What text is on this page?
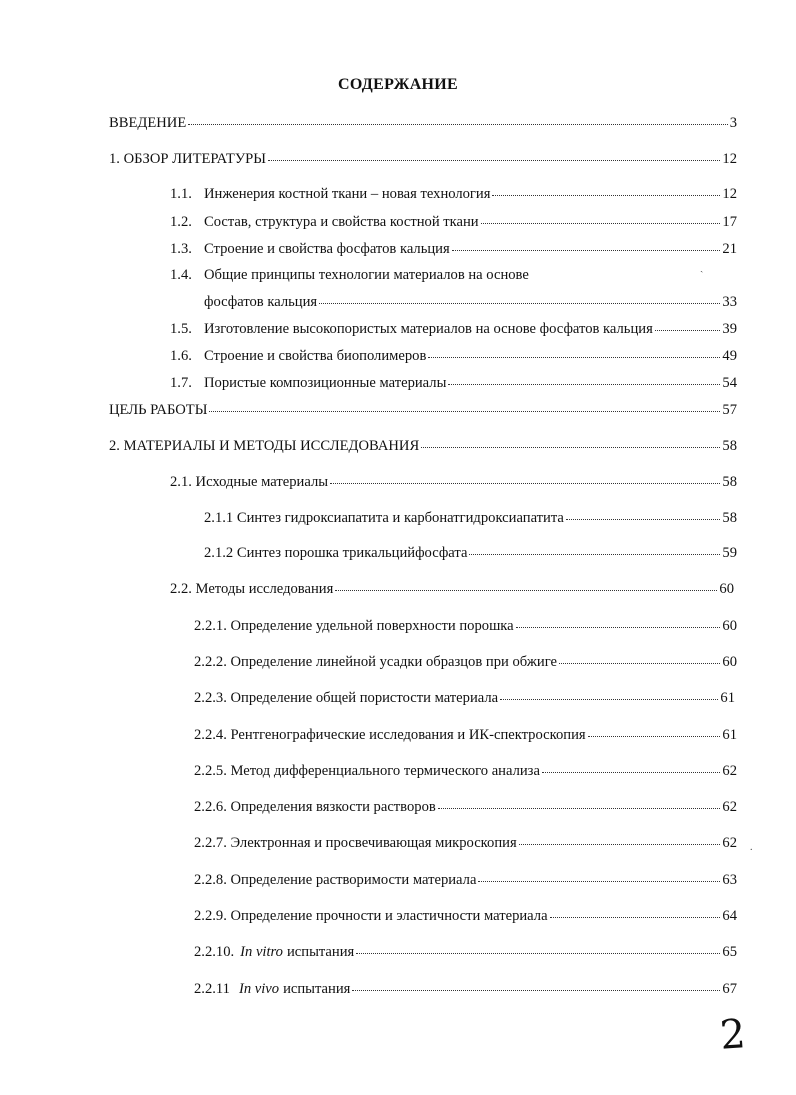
СОДЕРЖАНИЕ
ВВЕДЕНИЕ	3
1. ОБЗОР ЛИТЕРАТУРЫ	12
1.1. Инженерия костной ткани – новая технология	12
1.2. Состав, структура и свойства костной ткани	17
1.3. Строение и свойства фосфатов кальция	21
1.4. Общие принципы технологии материалов на основе
фосфатов кальция	33
1.5. Изготовление высокопористых материалов на основе фосфатов кальция	39
1.6. Строение и свойства биополимеров	49
1.7. Пористые композиционные материалы	54
ЦЕЛЬ РАБОТЫ	57
2. МАТЕРИАЛЫ И МЕТОДЫ ИССЛЕДОВАНИЯ	58
2.1. Исходные материалы	58
2.1.1 Синтез гидроксиапатита и карбонатгидроксиапатита	58
2.1.2 Синтез порошка трикальцийфосфата	59
2.2. Методы исследования	60
2.2.1. Определение удельной поверхности порошка	60
2.2.2. Определение линейной усадки образцов при обжиге	60
2.2.3. Определение общей пористости материала	61
2.2.4. Рентгенографические исследования и ИК-спектроскопия	61
2.2.5. Метод дифференциального термического анализа	62
2.2.6. Определения вязкости растворов	62
2.2.7. Электронная и просвечивающая микроскопия	62
2.2.8. Определение растворимости материала	63
2.2.9. Определение прочности и эластичности материала	64
2.2.10. In vitro испытания	65
2.2.11 In vivo испытания	67
ˏ
.
2
